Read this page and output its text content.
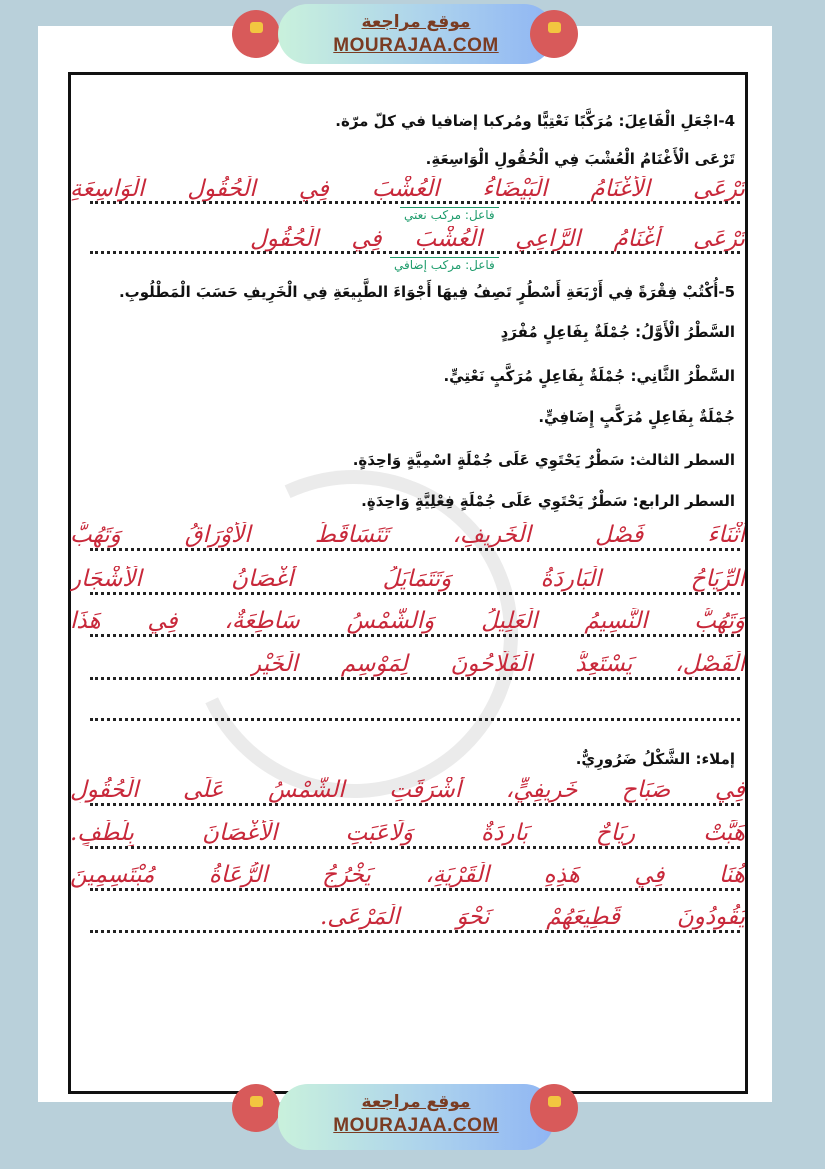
موقع مراجعة
MOURAJAA.COM
4-اجْعَلِ الْفَاعِلَ: مُرَكَّبًا نَعْتِيًّا ومُركبا إضافيا في كلّ مرّة.
تَرْعَى الْأَغْنَامُ الْعُشْبَ فِي الْحُقُولِ الْوَاسِعَةِ.
تَرْعَى الْأَغْنَامُ الْبَيْضَاءُ الْعُشْبَ فِي الْحُقُولِ الْوَاسِعَةِ
فاعل: مركب نعتي
تَرْعَى أَغْنَامُ الرَّاعِي الْعُشْبَ فِي الْحُقُولِ
فاعل: مركب إضافي
5-أُكْتُبْ فِقْرَةً فِي أَرْبَعَةِ أَسْطُرٍ تَصِفُ فِيهَا أَجْوَاءَ الطَّبِيعَةِ فِي الْخَرِيفِ حَسَبَ الْمَطْلُوبِ.
السَّطْرُ الْأَوَّلُ: جُمْلَةٌ بِفَاعِلٍ مُفْرَدٍ
السَّطْرُ الثَّانِي: جُمْلَةٌ بِفَاعِلٍ مُرَكَّبٍ نَعْتِيٍّ.
جُمْلَةٌ بِفَاعِلٍ مُرَكَّبٍ إِضَافِيٍّ.
السطر الثالث: سَطْرٌ يَحْتَوِي عَلَى جُمْلَةٍ اسْمِيَّةٍ وَاحِدَةٍ.
السطر الرابع: سَطْرٌ يَحْتَوِي عَلَى جُمْلَةٍ فِعْلِيَّةٍ وَاحِدَةٍ.
أَثْنَاءَ فَصْلِ الْخَرِيفِ، تَتَسَاقَطُ الْأَوْرَاقُ وَتَهُبُّ
الرِّيَاحُ الْبَارِدَةُ وَتَتَمَايَلُ أَغْصَانُ الْأَشْجَارِ
وَتَهُبُّ النَّسِيمُ الْعَلِيلُ وَالشَّمْسُ سَاطِعَةٌ، فِي هَذَا
الْفَصْلِ، يَسْتَعِدُّ الْفَلَّاحُونَ لِمَوْسِمِ الْخَيْرِ
إملاء: الشَّكْلُ ضَرُورِيٌّ.
فِي صَبَاحٍ خَرِيفِيٍّ، أَشْرَقَتِ الشَّمْسُ عَلَى الْحُقُولِ
هَبَّتْ رِيَاحٌ بَارِدَةٌ وَلَاعَبَتِ الْأَغْصَانَ بِلُطْفٍ.
هُنَا فِي هَذِهِ الْقَرْيَةِ، يَخْرُجُ الرُّعَاةُ مُبْتَسِمِينَ
يَقُودُونَ قَطِيعَهُمْ نَحْوَ الْمَرْعَى.
موقع مراجعة
MOURAJAA.COM
